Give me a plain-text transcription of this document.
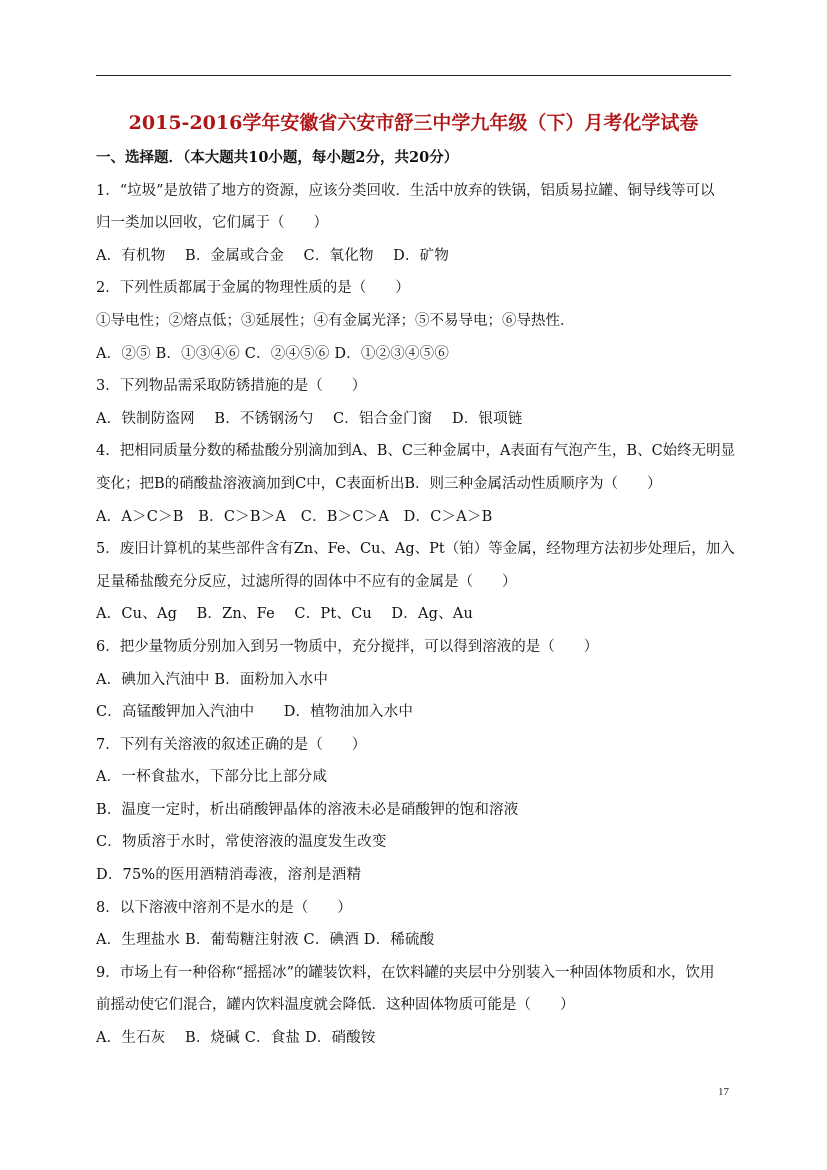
2015-2016学年安徽省六安市舒三中学九年级（下）月考化学试卷
一、选择题．（本大题共10小题，每小题2分，共20分）
1．“垃圾”是放错了地方的资源，应该分类回收．生活中放弃的铁锅，铝质易拉罐、铜导线等可以
归一类加以回收，它们属于（　　）
A．有机物　 B．金属或合金　 C．氧化物　 D．矿物
2．下列性质都属于金属的物理性质的是（　　）
①导电性；②熔点低；③延展性；④有金属光泽；⑤不易导电；⑥导热性．
A．②⑤ B．①③④⑥ C．②④⑤⑥ D．①②③④⑤⑥
3．下列物品需采取防锈措施的是（　　）
A．铁制防盗网　 B．不锈钢汤勺　 C．铝合金门窗　 D．银项链
4．把相同质量分数的稀盐酸分别滴加到A、B、C三种金属中，A表面有气泡产生，B、C始终无明显
变化；把B的硝酸盐溶液滴加到C中，C表面析出B．则三种金属活动性质顺序为（　　）
A．A＞C＞B　B．C＞B＞A　C．B＞C＞A　D．C＞A＞B
5．废旧计算机的某些部件含有Zn、Fe、Cu、Ag、Pt（铂）等金属，经物理方法初步处理后，加入
足量稀盐酸充分反应，过滤所得的固体中不应有的金属是（　　）
A．Cu、Ag　 B．Zn、Fe　 C．Pt、Cu　 D．Ag、Au
6．把少量物质分别加入到另一物质中，充分搅拌，可以得到溶液的是（　　）
A．碘加入汽油中 B．面粉加入水中
C．高锰酸钾加入汽油中　　D．植物油加入水中
7．下列有关溶液的叙述正确的是（　　）
A．一杯食盐水，下部分比上部分咸
B．温度一定时，析出硝酸钾晶体的溶液未必是硝酸钾的饱和溶液
C．物质溶于水时，常使溶液的温度发生改变
D．75%的医用酒精消毒液，溶剂是酒精
8．以下溶液中溶剂不是水的是（　　）
A．生理盐水 B．葡萄糖注射液 C．碘酒 D．稀硫酸
9．市场上有一种俗称“摇摇冰”的罐装饮料，在饮料罐的夹层中分别装入一种固体物质和水，饮用
前摇动使它们混合，罐内饮料温度就会降低．这种固体物质可能是（　　）
A．生石灰　 B．烧碱 C．食盐 D．硝酸铵
17
